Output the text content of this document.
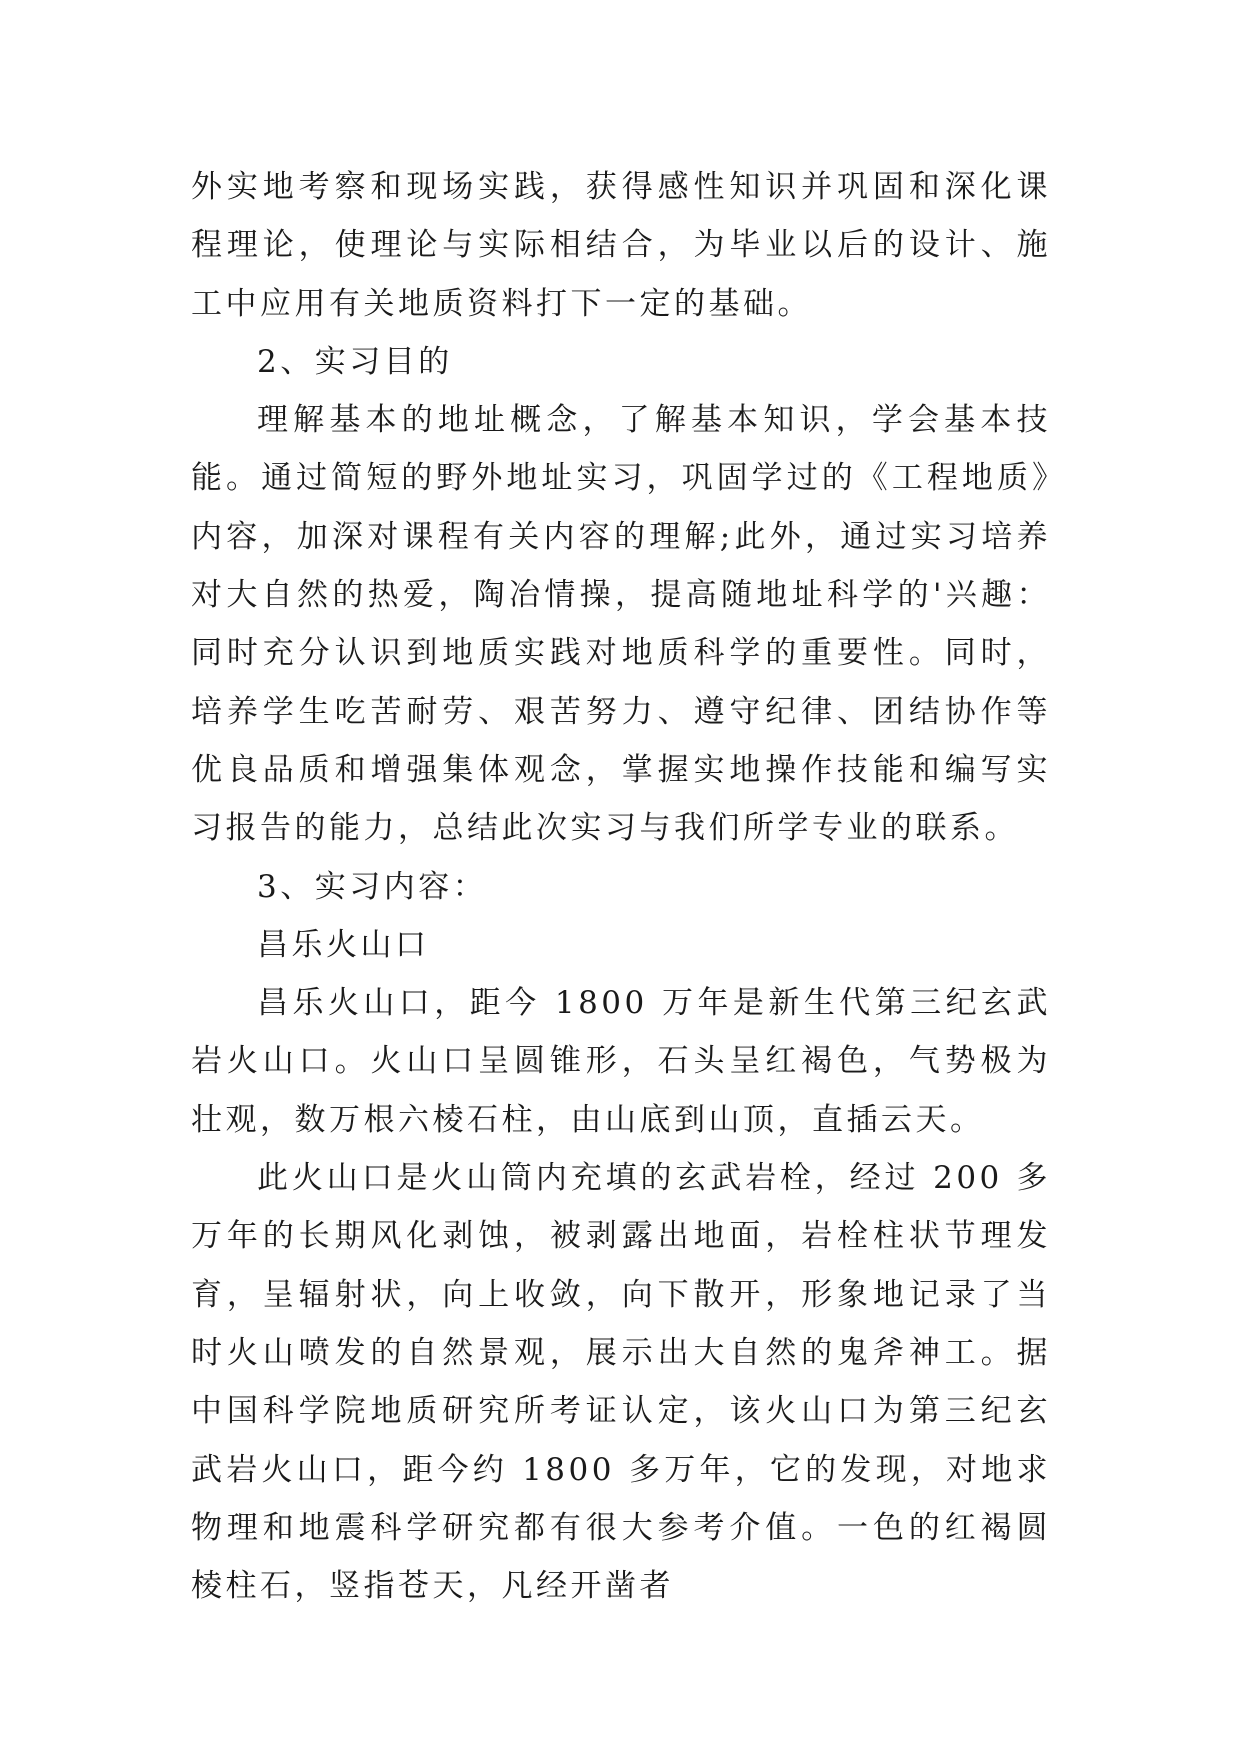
外实地考察和现场实践，获得感性知识并巩固和深化课程理论，使理论与实际相结合，为毕业以后的设计、施工中应用有关地质资料打下一定的基础。

2、实习目的

理解基本的地址概念，了解基本知识，学会基本技能。通过简短的野外地址实习，巩固学过的《工程地质》内容，加深对课程有关内容的理解;此外，通过实习培养对大自然的热爱，陶冶情操，提高随地址科学的'兴趣：同时充分认识到地质实践对地质科学的重要性。同时，培养学生吃苦耐劳、艰苦努力、遵守纪律、团结协作等优良品质和增强集体观念，掌握实地操作技能和编写实习报告的能力，总结此次实习与我们所学专业的联系。

3、实习内容：

昌乐火山口

昌乐火山口，距今 1800 万年是新生代第三纪玄武岩火山口。火山口呈圆锥形，石头呈红褐色，气势极为壮观，数万根六棱石柱，由山底到山顶，直插云天。

此火山口是火山筒内充填的玄武岩栓，经过 200 多万年的长期风化剥蚀，被剥露出地面，岩栓柱状节理发育，呈辐射状，向上收敛，向下散开，形象地记录了当时火山喷发的自然景观，展示出大自然的鬼斧神工。据中国科学院地质研究所考证认定，该火山口为第三纪玄武岩火山口，距今约 1800 多万年，它的发现，对地求物理和地震科学研究都有很大参考介值。一色的红褐圆棱柱石，竖指苍天，凡经开凿者
